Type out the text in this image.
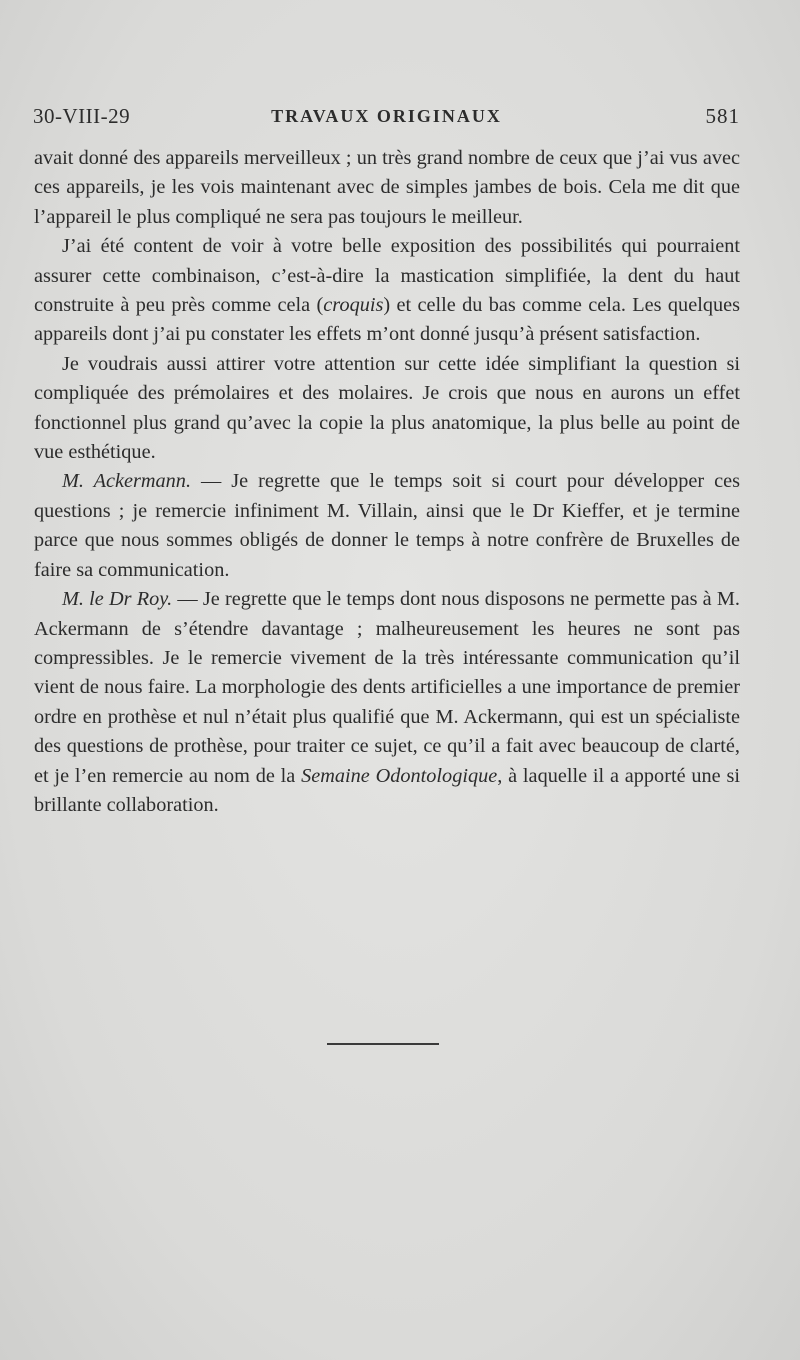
30-VIII-29	TRAVAUX ORIGINAUX	581

avait donné des appareils merveilleux ; un très grand nombre de ceux que j’ai vus avec ces appareils, je les vois maintenant avec de simples jambes de bois. Cela me dit que l’appareil le plus compliqué ne sera pas toujours le meilleur.

J’ai été content de voir à votre belle exposition des possibilités qui pourraient assurer cette combinaison, c’est-à-dire la mastication simplifiée, la dent du haut construite à peu près comme cela (croquis) et celle du bas comme cela. Les quelques appareils dont j’ai pu constater les effets m’ont donné jusqu’à présent satisfaction.

Je voudrais aussi attirer votre attention sur cette idée simplifiant la question si compliquée des prémolaires et des molaires. Je crois que nous en aurons un effet fonctionnel plus grand qu’avec la copie la plus anatomique, la plus belle au point de vue esthétique.

M. Ackermann. — Je regrette que le temps soit si court pour développer ces questions ; je remercie infiniment M. Villain, ainsi que le Dr Kieffer, et je termine parce que nous sommes obligés de donner le temps à notre confrère de Bruxelles de faire sa communication.

M. le Dr Roy. — Je regrette que le temps dont nous disposons ne permette pas à M. Ackermann de s’étendre davantage ; malheureusement les heures ne sont pas compressibles. Je le remercie vivement de la très intéressante communication qu’il vient de nous faire. La morphologie des dents artificielles a une importance de premier ordre en prothèse et nul n’était plus qualifié que M. Ackermann, qui est un spécialiste des questions de prothèse, pour traiter ce sujet, ce qu’il a fait avec beaucoup de clarté, et je l’en remercie au nom de la Semaine Odontologique, à laquelle il a apporté une si brillante collaboration.
